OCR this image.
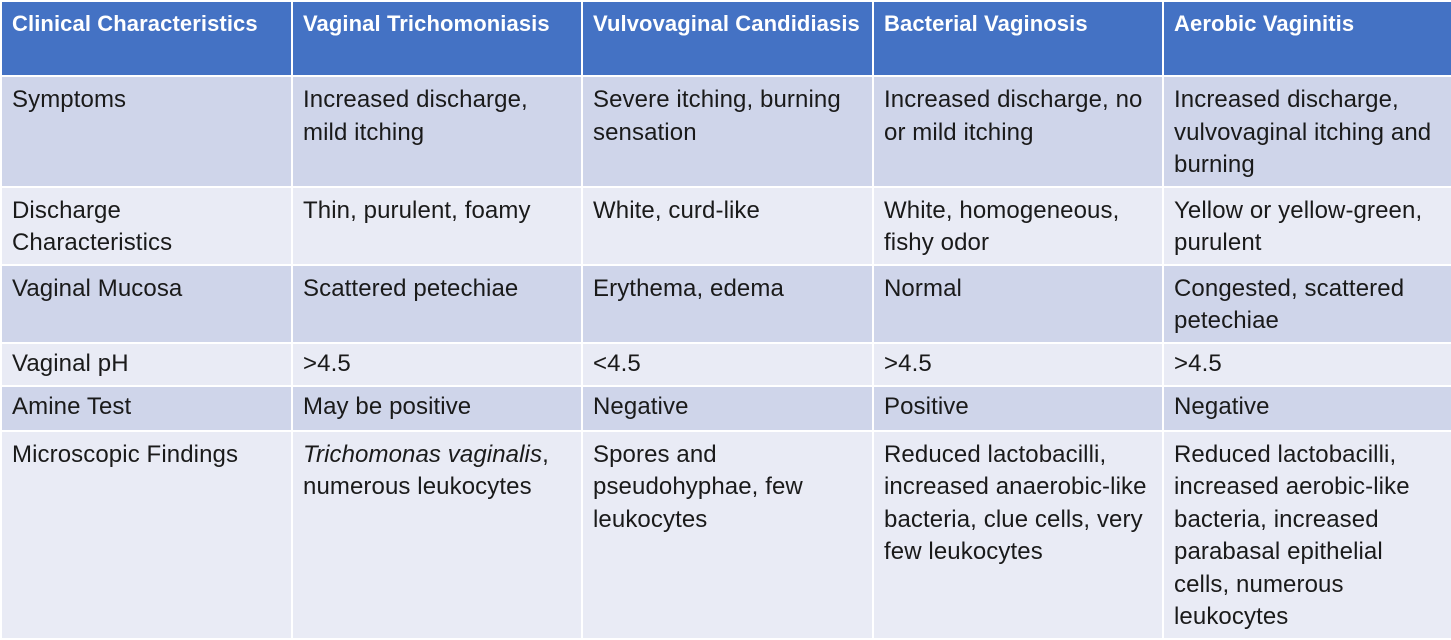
Clinical Characteristics	Vaginal Trichomoniasis	Vulvovaginal Candidiasis	Bacterial Vaginosis	Aerobic Vaginitis
Symptoms	Increased discharge, mild itching	Severe itching, burning sensation	Increased discharge, no or mild itching	Increased discharge, vulvovaginal itching and burning
Discharge Characteristics	Thin, purulent, foamy	White, curd-like	White, homogeneous, fishy odor	Yellow or yellow-green, purulent
Vaginal Mucosa	Scattered petechiae	Erythema, edema	Normal	Congested, scattered petechiae
Vaginal pH	>4.5	<4.5	>4.5	>4.5
Amine Test	May be positive	Negative	Positive	Negative
Microscopic Findings	Trichomonas vaginalis, numerous leukocytes	Spores and pseudohyphae, few leukocytes	Reduced lactobacilli, increased anaerobic-like bacteria, clue cells, very few leukocytes	Reduced lactobacilli, increased aerobic-like bacteria, increased parabasal epithelial cells, numerous leukocytes
